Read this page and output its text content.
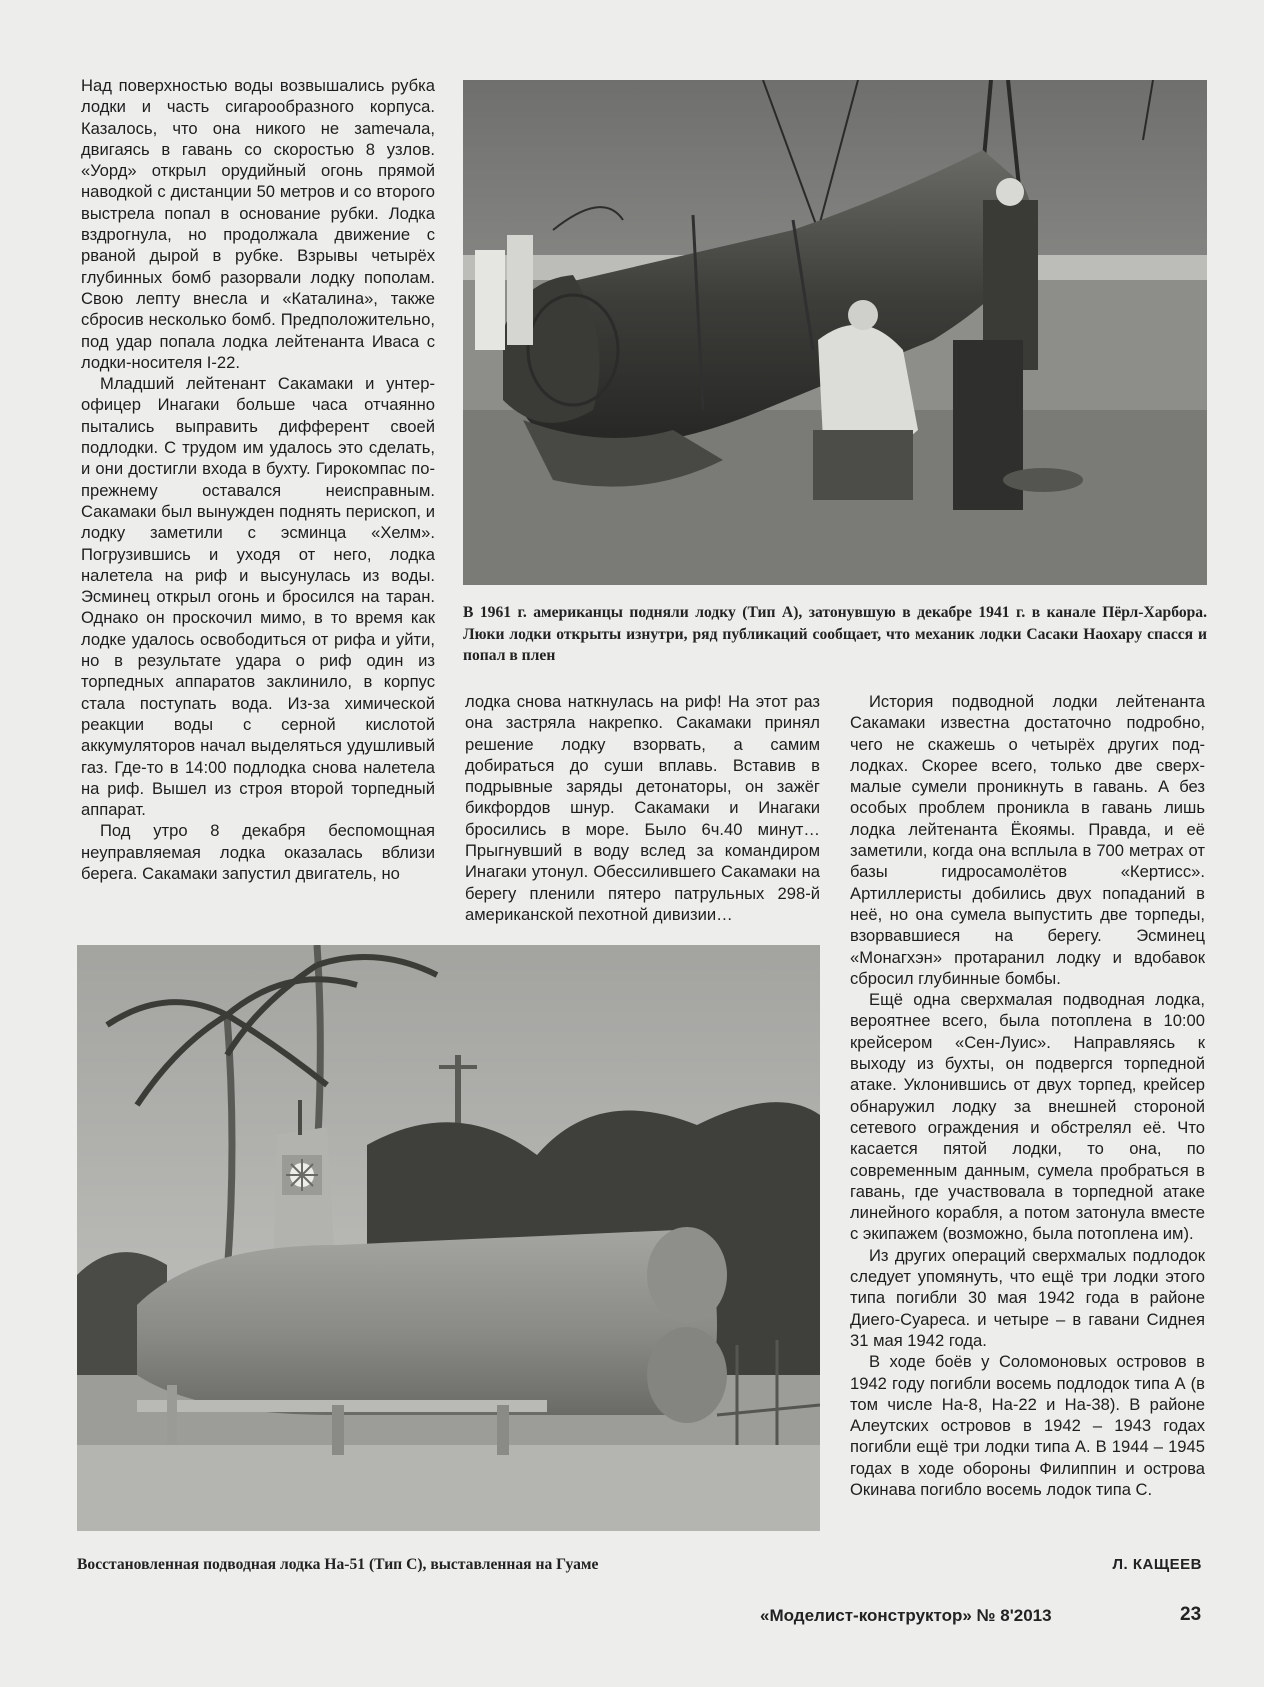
Над поверхностью воды возвышались рубка лодки и часть сигарообразного корпуса. Казалось, что она никого не заmечала, двигаясь в гавань со скоростью 8 узлов. «Уорд» открыл орудийный огонь прямой наводкой с дистанции 50 метров и со второго выстрела попал в основание рубки. Лодка вздрогнула, но продолжала движение с рваной дырой в рубке. Взрывы четырёх глубинных бомб разорвали лодку пополам. Свою лепту внесла и «Каталина», также сбросив несколько бомб. Предположительно, под удар попала лодка лейтенанта Иваса с лодки-носителя I-22.

Младший лейтенант Сакамаки и унтер-офицер Инагаки больше часа отчаянно пытались выправить дифферент своей подлодки. С трудом им удалось это сделать, и они достигли входа в бухту. Гирокомпас по-прежнему оставался неисправным. Сакамаки был вынужден поднять перископ, и лодку заметили с эсминца «Хелм». Погрузившись и уходя от него, лодка налетела на риф и высунулась из воды. Эсминец открыл огонь и бросился на таран. Однако он проскочил мимо, в то время как лодке удалось освободиться от рифа и уйти, но в результате удара о риф один из торпедных аппаратов заклинило, в корпус стала поступать вода. Из-за химической реакции воды с серной кислотой аккумуляторов начал выделяться удушливый газ. Где-то в 14:00 подлодка снова налетела на риф. Вышел из строя второй торпедный аппарат.

Под утро 8 декабря беспомощная неуправляемая лодка оказалась вблизи берега. Сакамаки запустил двигатель, но

В 1961 г. американцы подняли лодку (Тип А), затонувшую в декабре 1941 г. в канале Пёрл-Харбора. Люки лодки открыты изнутри, ряд публикаций сообщает, что механик лодки Сасаки Наохару спасся и попал в плен

лодка снова наткнулась на риф! На этот раз она застряла накрепко. Сакамаки принял решение лодку взорвать, а самим добираться до суши вплавь. Вставив в подрывные заряды детонаторы, он зажёг бикфордов шнур. Сакамаки и Инагаки бросились в море. Было 6ч.40 минут… Прыгнувший в воду вслед за командиром Инагаки утонул. Обессилившего Сакамаки на берегу пленили пятеро патрульных 298-й американской пехотной дивизии…

История подводной лодки лейтенанта Сакамаки известна достаточно подробно, чего не скажешь о четырёх других подлодках. Скорее всего, только две сверхмалые сумели проникнуть в гавань. А без особых проблем проникла в гавань лишь лодка лейтенанта Ёкоямы. Правда, и её заметили, когда она всплыла в 700 метрах от базы гидросамолётов «Кертисс». Артиллеристы добились двух попаданий в неё, но она сумела выпустить две торпеды, взорвавшиеся на берегу. Эсминец «Монагхэн» протаранил лодку и вдобавок сбросил глубинные бомбы.

Ещё одна сверхмалая подводная лодка, вероятнее всего, была потоплена в 10:00 крейсером «Сен-Луис». Направляясь к выходу из бухты, он подвергся торпедной атаке. Уклонившись от двух торпед, крейсер обнаружил лодку за внешней стороной сетевого ограждения и обстрелял её. Что касается пятой лодки, то она, по современным данным, сумела пробраться в гавань, где участвовала в торпедной атаке линейного корабля, а потом затонула вместе с экипажем (возможно, была потоплена им).

Из других операций сверхмалых подлодок следует упомянуть, что ещё три лодки этого типа погибли 30 мая 1942 года в районе Диего-Суареса. и четыре – в гавани Сиднея 31 мая 1942 года.

В ходе боёв у Соломоновых островов в 1942 году погибли восемь подлодок типа А (в том числе На-8, На-22 и На-38). В районе Алеутских островов в 1942 – 1943 годах погибли ещё три лодки типа А. В 1944 – 1945 годах в ходе обороны Филиппин и острова Окинава погибло восемь лодок типа С.

Восстановленная подводная лодка На-51 (Тип С), выставленная на Гуаме	Л. КАЩЕЕВ
«Моделист-конструктор» № 8'2013	23
